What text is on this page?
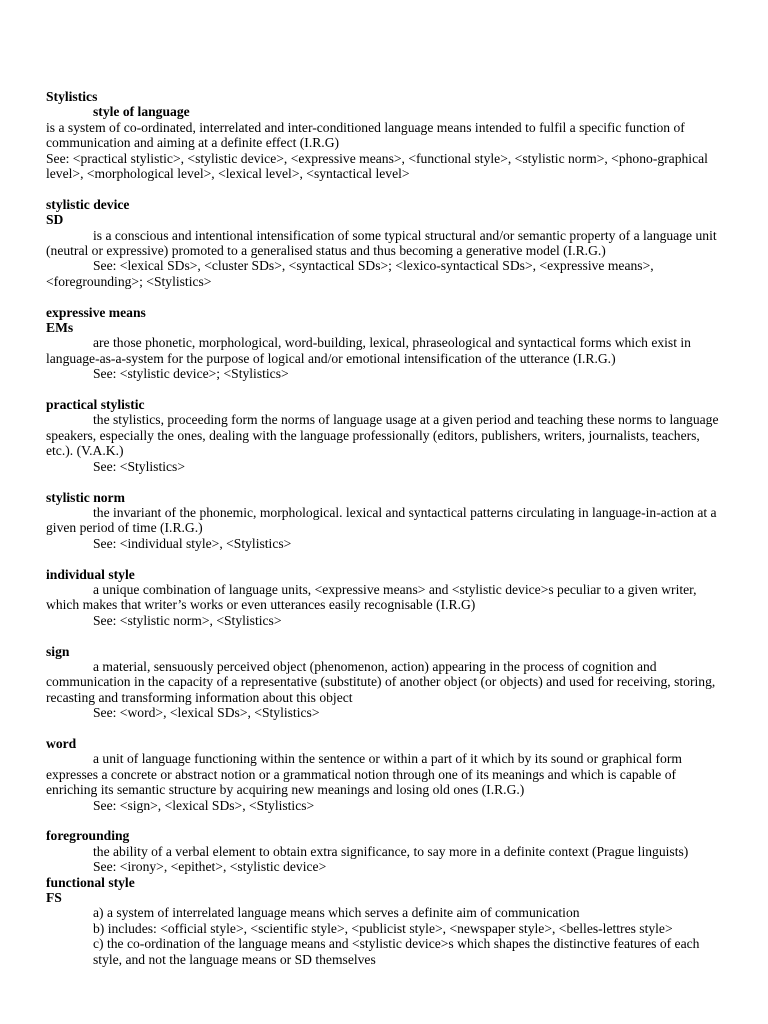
Stylistics

style of language

is a system of co-ordinated, interrelated and inter-conditioned language means intended to fulfil a specific function of communication and aiming at a definite effect (I.R.G)

See: <practical stylistic>, <stylistic device>, <expressive means>, <functional style>, <stylistic norm>, <phono-graphical level>, <morphological level>, <lexical level>, <syntactical level>

stylistic device

SD

is a conscious and intentional intensification of some typical structural and/or semantic property of a language unit (neutral or expressive) promoted to a generalised status and thus becoming a generative model (I.R.G.)

See: <lexical SDs>, <cluster SDs>, <syntactical SDs>; <lexico-syntactical SDs>, <expressive means>, <foregrounding>; <Stylistics>

expressive means

EMs

are those phonetic, morphological, word-building, lexical, phraseological and syntactical forms which exist in language-as-a-system for the purpose of logical and/or emotional intensification of the utterance (I.R.G.)

See: <stylistic device>; <Stylistics>

practical stylistic

the stylistics, proceeding form the norms of language usage at a given period and teaching these norms to language speakers, especially the ones, dealing with the language professionally (editors, publishers, writers, journalists, teachers, etc.). (V.A.K.)

See: <Stylistics>

stylistic norm

the invariant of the phonemic, morphological. lexical and syntactical patterns circulating in language-in-action at a given period of time (I.R.G.)

See: <individual style>, <Stylistics>

individual style

a unique combination of language units, <expressive means> and <stylistic device>s peculiar to a given writer, which makes that writer’s works or even utterances easily recognisable (I.R.G)

See: <stylistic norm>, <Stylistics>

sign

a material, sensuously perceived object (phenomenon, action) appearing in the process of cognition and communication in the capacity of a representative (substitute) of another object (or objects) and used for receiving, storing, recasting and transforming information about this object

See: <word>, <lexical SDs>, <Stylistics>

word

a unit of language functioning within the sentence or within a part of it which by its sound or graphical form expresses a concrete or abstract notion or a grammatical notion through one of its meanings and which is capable of enriching its semantic structure by acquiring new meanings and losing old ones (I.R.G.)

See: <sign>, <lexical SDs>, <Stylistics>

foregrounding

the ability of a verbal element to obtain extra significance, to say more in a definite context (Prague linguists)

See: <irony>, <epithet>, <stylistic device>

functional style

FS

a) a system of interrelated language means which serves a definite aim of communication

b) includes: <official style>, <scientific style>, <publicist style>, <newspaper style>, <belles-lettres style>

c) the co-ordination of the language means and <stylistic device>s which shapes the distinctive features of each style, and not the language means or SD themselves
